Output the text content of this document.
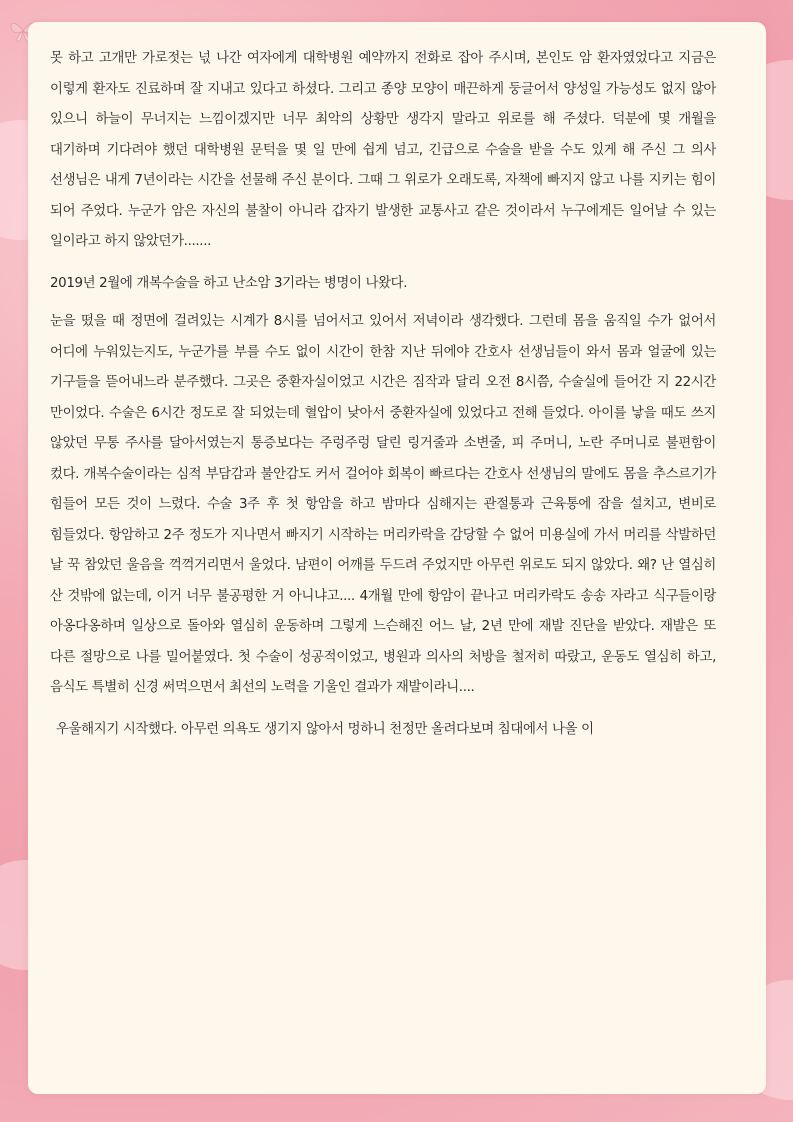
못 하고 고개만 가로젓는 넋 나간 여자에게 대학병원 예약까지 전화로 잡아 주시며, 본인도 암 환자였었다고 지금은 이렇게 환자도 진료하며 잘 지내고 있다고 하셨다. 그리고 종양 모양이 매끈하게 둥글어서 양성일 가능성도 없지 않아 있으니 하늘이 무너지는 느낌이겠지만 너무 최악의 상황만 생각지 말라고 위로를 해 주셨다. 덕분에 몇 개월을 대기하며 기다려야 했던 대학병원 문턱을 몇 일 만에 쉽게 넘고, 긴급으로 수술을 받을 수도 있게 해 주신 그 의사 선생님은 내게 7년이라는 시간을 선물해 주신 분이다. 그때 그 위로가 오래도록, 자책에 빠지지 않고 나를 지키는 힘이 되어 주었다. 누군가 암은 자신의 불찰이 아니라 갑자기 발생한 교통사고 같은 것이라서 누구에게든 일어날 수 있는 일이라고 하지 않았던가.......

2019년 2월에 개복수술을 하고 난소암 3기라는 병명이 나왔다.

눈을 떴을 때 정면에 걸려있는 시계가 8시를 넘어서고 있어서 저녁이라 생각했다. 그런데 몸을 움직일 수가 없어서 어디에 누워있는지도, 누군가를 부를 수도 없이 시간이 한참 지난 뒤에야 간호사 선생님들이 와서 몸과 얼굴에 있는 기구들을 뜯어내느라 분주했다. 그곳은 중환자실이었고 시간은 짐작과 달리 오전 8시쯤, 수술실에 들어간 지 22시간 만이었다. 수술은 6시간 정도로 잘 되었는데 혈압이 낮아서 중환자실에 있었다고 전해 들었다. 아이를 낳을 때도 쓰지 않았던 무통 주사를 달아서였는지 통증보다는 주렁주렁 달린 링거줄과 소변줄, 피 주머니, 노란 주머니로 불편함이 컸다. 개복수술이라는 심적 부담감과 불안감도 커서 걸어야 회복이 빠르다는 간호사 선생님의 말에도 몸을 추스르기가 힘들어 모든 것이 느렸다. 수술 3주 후 첫 항암을 하고 밤마다 심해지는 관절통과 근육통에 잠을 설치고, 변비로 힘들었다. 항암하고 2주 정도가 지나면서 빠지기 시작하는 머리카락을 감당할 수 없어 미용실에 가서 머리를 삭발하던 날 꾹 참았던 울음을 꺽꺽거리면서 울었다. 남편이 어깨를 두드려 주었지만 아무런 위로도 되지 않았다. 왜? 난 열심히 산 것밖에 없는데, 이거 너무 불공평한 거 아니냐고.... 4개월 만에 항암이 끝나고 머리카락도 송송 자라고 식구들이랑 아옹다옹하며 일상으로 돌아와 열심히 운동하며 그렇게 느슨해진 어느 날, 2년 만에 재발 진단을 받았다. 재발은 또 다른 절망으로 나를 밀어붙였다. 첫 수술이 성공적이었고, 병원과 의사의 처방을 철저히 따랐고, 운동도 열심히 하고, 음식도 특별히 신경 써먹으면서 최선의 노력을 기울인 결과가 재발이라니....

우울해지기 시작했다. 아무런 의욕도 생기지 않아서 멍하니 천정만 올려다보며 침대에서 나올 이
